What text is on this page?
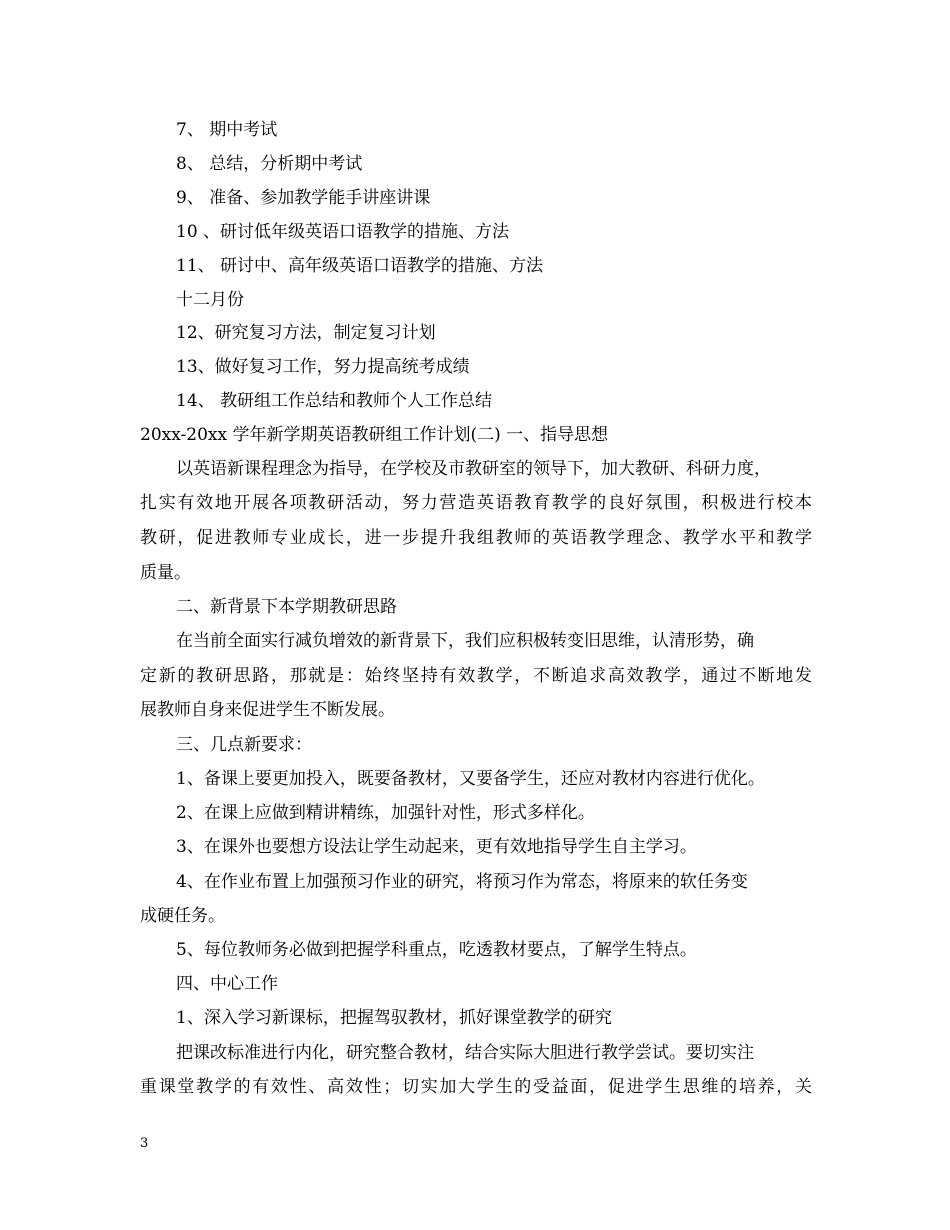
7、 期中考试

8、 总结，分析期中考试

9、 准备、参加教学能手讲座讲课

10 、研讨低年级英语口语教学的措施、方法

11、 研讨中、高年级英语口语教学的措施、方法

十二月份

12、研究复习方法，制定复习计划

13、做好复习工作，努力提高统考成绩

14、 教研组工作总结和教师个人工作总结

20xx-20xx 学年新学期英语教研组工作计划(二) 一、指导思想

以英语新课程理念为指导，在学校及市教研室的领导下，加大教研、科研力度，

扎实有效地开展各项教研活动，努力营造英语教育教学的良好氛围，积极进行校本

教研，促进教师专业成长，进一步提升我组教师的英语教学理念、教学水平和教学

质量。

二、新背景下本学期教研思路

在当前全面实行减负增效的新背景下，我们应积极转变旧思维，认清形势，确

定新的教研思路，那就是：始终坚持有效教学，不断追求高效教学，通过不断地发

展教师自身来促进学生不断发展。

三、几点新要求：

1、备课上要更加投入，既要备教材，又要备学生，还应对教材内容进行优化。

2、在课上应做到精讲精练，加强针对性，形式多样化。

3、在课外也要想方设法让学生动起来，更有效地指导学生自主学习。

4、在作业布置上加强预习作业的研究，将预习作为常态，将原来的软任务变

成硬任务。

5、每位教师务必做到把握学科重点，吃透教材要点，了解学生特点。

四、中心工作

1、深入学习新课标，把握驾驭教材，抓好课堂教学的研究

把课改标准进行内化，研究整合教材，结合实际大胆进行教学尝试。要切实注

重课堂教学的有效性、高效性；切实加大学生的受益面，促进学生思维的培养，关

3
